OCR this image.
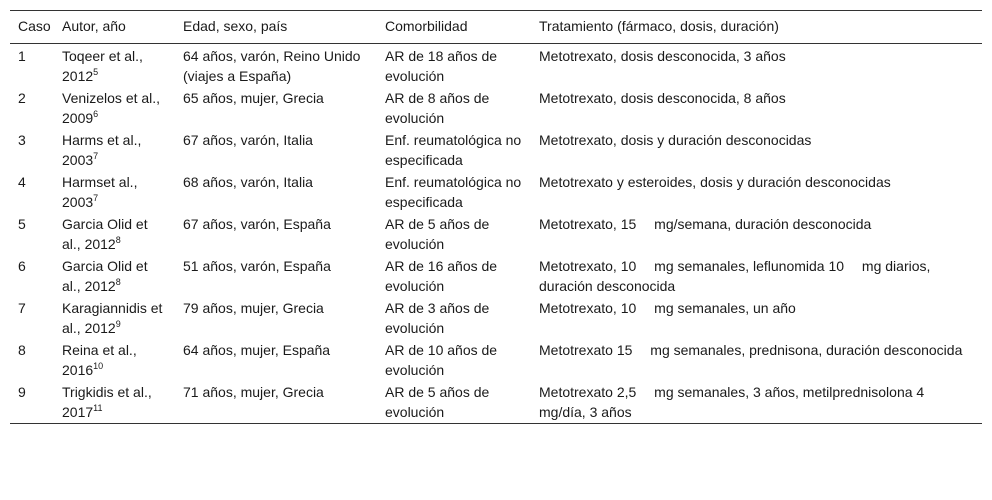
Caso	Autor, año	Edad, sexo, país	Comorbilidad	Tratamiento (fármaco, dosis, duración)
1	Toqeer et al., 2012$^5$	64 años, varón, Reino Unido (viajes a España)	AR de 18 años de evolución	Metotrexato, dosis desconocida, 3 años
2	Venizelos et al., 2009$^6$	65 años, mujer, Grecia	AR de 8 años de evolución	Metotrexato, dosis desconocida, 8 años
3	Harms et al., 2003$^7$	67 años, varón, Italia	Enf. reumatológica no especificada	Metotrexato, dosis y duración desconocidas
4	Harmset al., 2003$^7$	68 años, varón, Italia	Enf. reumatológica no especificada	Metotrexato y esteroides, dosis y duración desconocidas
5	Garcia Olid et al., 2012$^8$	67 años, varón, España	AR de 5 años de evolución	Metotrexato, 15  mg/semana, duración desconocida
6	Garcia Olid et al., 2012$^8$	51 años, varón, España	AR de 16 años de evolución	Metotrexato, 10  mg semanales, leflunomida 10  mg diarios, duración desconocida
7	Karagiannidis et al., 2012$^9$	79 años, mujer, Grecia	AR de 3 años de evolución	Metotrexato, 10  mg semanales, un año
8	Reina et al., 2016$^{10}$	64 años, mujer, España	AR de 10 años de evolución	Metotrexato 15  mg semanales, prednisona, duración desconocida
9	Trigkidis et al., 2017$^{11}$	71 años, mujer, Grecia	AR de 5 años de evolución	Metotrexato 2,5  mg semanales, 3 años, metilprednisolona 4  mg/día, 3 años
